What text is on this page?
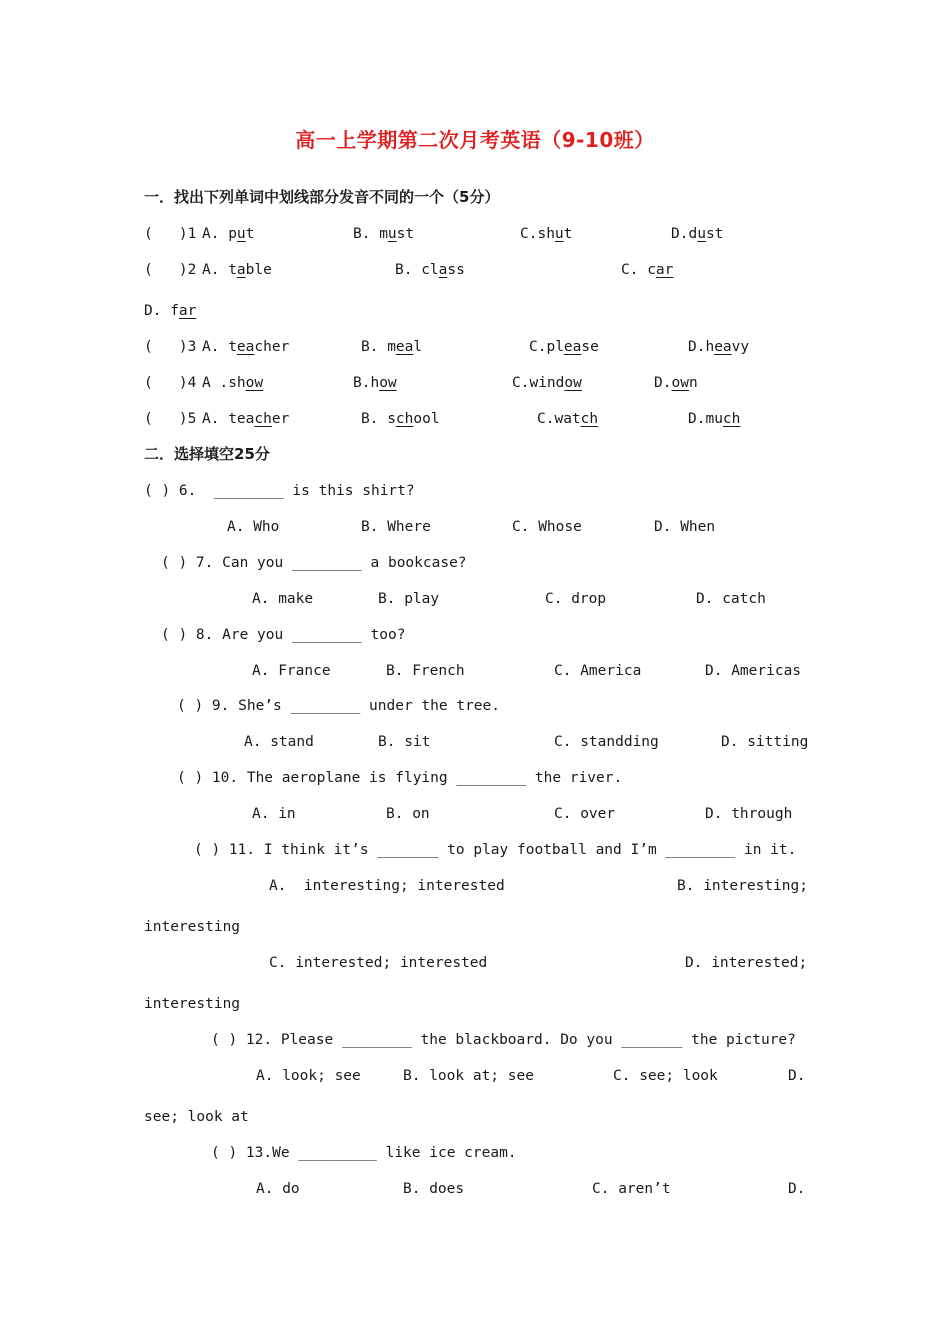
高一上学期第二次月考英语（9-10班）
一．找出下列单词中划线部分发音不同的一个（5分）
(   )1 A. put	B. must	C.shut	D.dust
(   )2 A. table	B. class	C. car
D. far
(   )3 A. teacher	B. meal	C.please	D.heavy
(   )4 A .show	B.how	C.window	D.own
(   )5 A. teacher	B. school	C.watch	D.much
二．选择填空25分
( ) 6.  ________ is this shirt?
A. Who	B. Where	C. Whose	D. When
( ) 7. Can you ________ a bookcase?
A. make	B. play	C. drop	D. catch
( ) 8. Are you ________ too?
A. France	B. French	C. America	D. Americas
( ) 9. She’s ________ under the tree.
A. stand	B. sit	C. standding	D. sitting
( ) 10. The aeroplane is flying ________ the river.
A. in	B. on	C. over	D. through
( ) 11. I think it’s _______ to play football and I’m ________ in it.
A.  interesting; interested	B. interesting;
interesting
C. interested; interested	D. interested;
interesting
( ) 12. Please ________ the blackboard. Do you _______ the picture?
A. look; see	B. look at; see	C. see; look	D.
see; look at
( ) 13.We _________ like ice cream.
A. do	B. does	C. aren’t	D.
